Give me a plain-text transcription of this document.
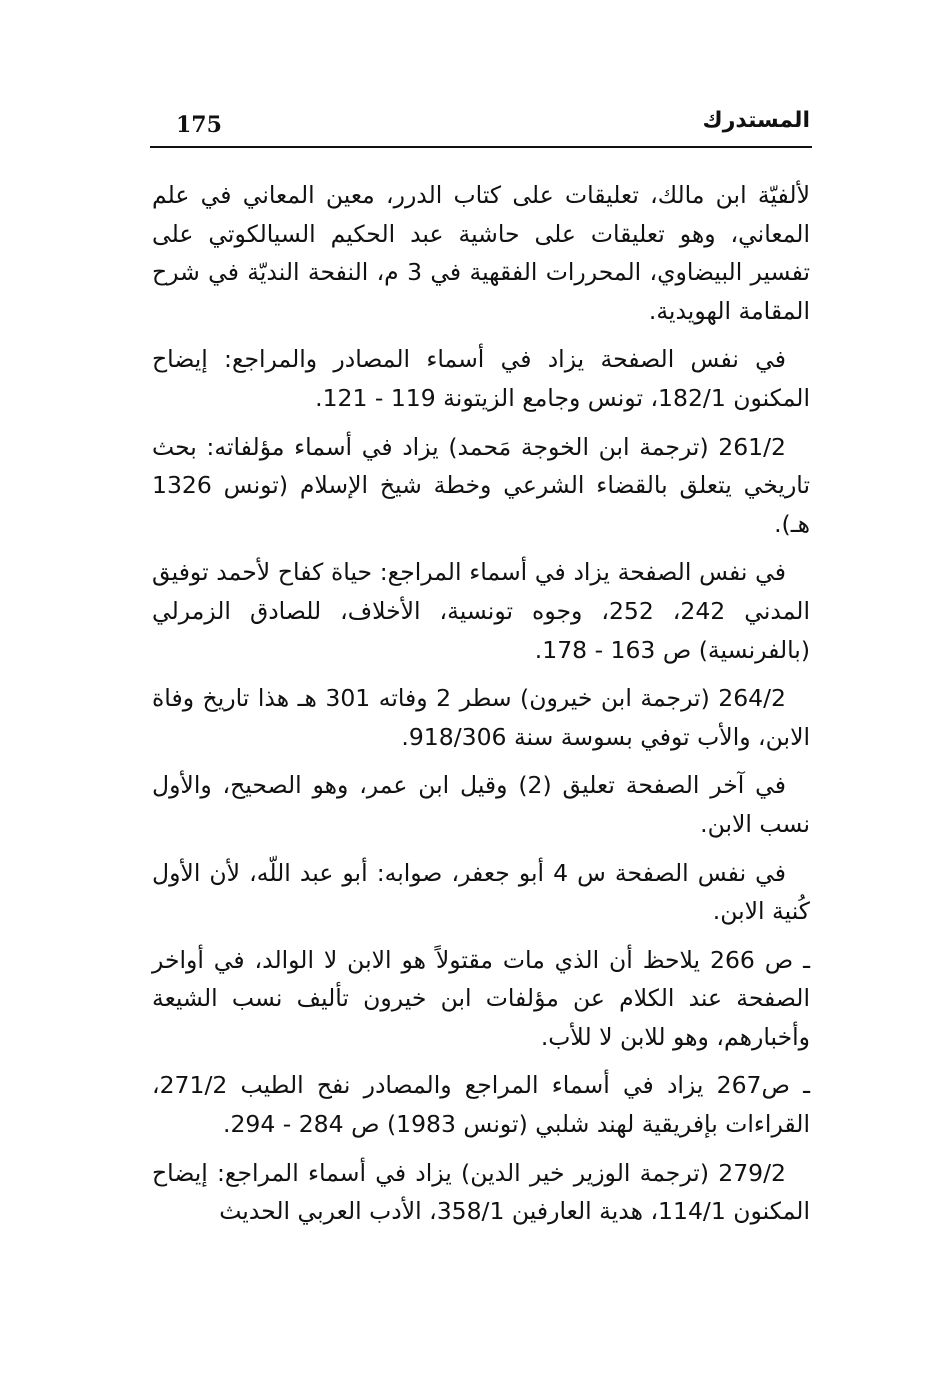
175	المستدرك

لألفيّة ابن مالك، تعليقات على كتاب الدرر، معين المعاني في علم المعاني، وهو تعليقات على حاشية عبد الحكيم السيالكوتي على تفسير البيضاوي، المحررات الفقهية في 3 م، النفحة النديّة في شرح المقامة الهويدية.

في نفس الصفحة يزاد في أسماء المصادر والمراجع: إيضاح المكنون 182/1، تونس وجامع الزيتونة 119 - 121.

261/2 (ترجمة ابن الخوجة مَحمد) يزاد في أسماء مؤلفاته: بحث تاريخي يتعلق بالقضاء الشرعي وخطة شيخ الإسلام (تونس 1326 هـ).

في نفس الصفحة يزاد في أسماء المراجع: حياة كفاح لأحمد توفيق المدني 242، 252، وجوه تونسية، الأخلاف، للصادق الزمرلي (بالفرنسية) ص 163 - 178.

264/2 (ترجمة ابن خيرون) سطر 2 وفاته 301 هـ هذا تاريخ وفاة الابن، والأب توفي بسوسة سنة 918/306.

في آخر الصفحة تعليق (2) وقيل ابن عمر، وهو الصحيح، والأول نسب الابن.

في نفس الصفحة س 4 أبو جعفر، صوابه: أبو عبد اللّه، لأن الأول كُنية الابن.

ـ ص 266 يلاحظ أن الذي مات مقتولاً هو الابن لا الوالد، في أواخر الصفحة عند الكلام عن مؤلفات ابن خيرون تأليف نسب الشيعة وأخبارهم، وهو للابن لا للأب.

ـ ص267 يزاد في أسماء المراجع والمصادر نفح الطيب 271/2، القراءات بإفريقية لهند شلبي (تونس 1983) ص 284 - 294.

279/2 (ترجمة الوزير خير الدين) يزاد في أسماء المراجع: إيضاح المكنون 114/1، هدية العارفين 358/1، الأدب العربي الحديث
